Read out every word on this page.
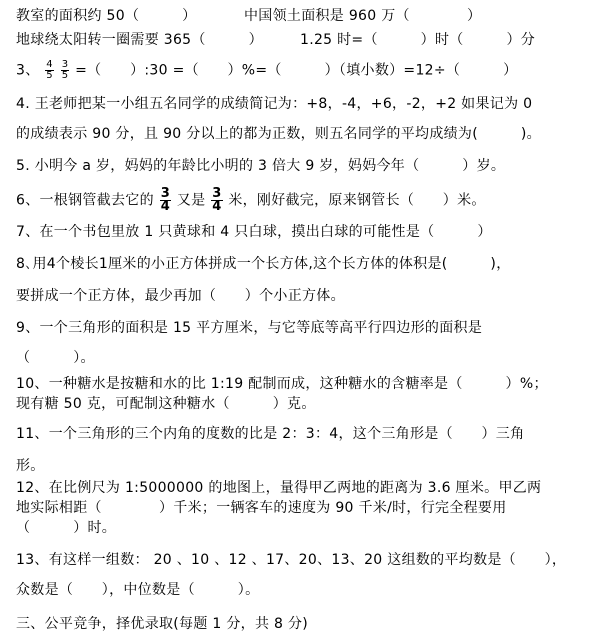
教室的面积约 50（　　　）	中国领土面积是 960 万（　　　　）
地球绕太阳转一圈需要 365（　　　）	1.25 时=（　　　）时（　　　）分
3、 $\frac{4}{5}$
$\frac{3}{5}$ =（　　）:30 =（　　）%=（　　　）（填小数）=12÷（　　　）
4. 王老师把某一小组五名同学的成绩简记为：+8，-4，+6，-2，+2 如果记为 0
的成绩表示 90 分，且 90 分以上的都为正数，则五名同学的平均成绩为(　　　)。
5. 小明今 a 岁，妈妈的年龄比小明的 3 倍大 9 岁，妈妈今年（　　　）岁。
6、一根钢管截去它的 $\frac{3}{4}$ 又是 $\frac{3}{4}$ 米，刚好截完，原来钢管长（　　）米。
7、在一个书包里放 1 只黄球和 4 只白球，摸出白球的可能性是（　　　）
8､用4个棱长1厘米的小正方体拼成一个长方体,这个长方体的体积是(　　　)，
要拼成一个正方体，最少再加（　　）个小正方体。
9、一个三角形的面积是 15 平方厘米，与它等底等高平行四边形的面积是
（　　　）。
10、一种糖水是按糖和水的比 1:19 配制而成，这种糖水的含糖率是（　　　）%；
现有糖 50 克，可配制这种糖水（　　　）克。
11、一个三角形的三个内角的度数的比是 2：3：4，这个三角形是（　　）三角
形。
12、在比例尺为 1:5000000 的地图上，量得甲乙两地的距离为 3.6 厘米。甲乙两
地实际相距（　　　　）千米；一辆客车的速度为 90 千米/时，行完全程要用
（　　　）时。
13、有这样一组数： 20 、10 、12 、17、20、13、20 这组数的平均数是（　　），
众数是（　　），中位数是（　　　）。
三、公平竞争，择优录取(每题 1 分，共 8 分)
